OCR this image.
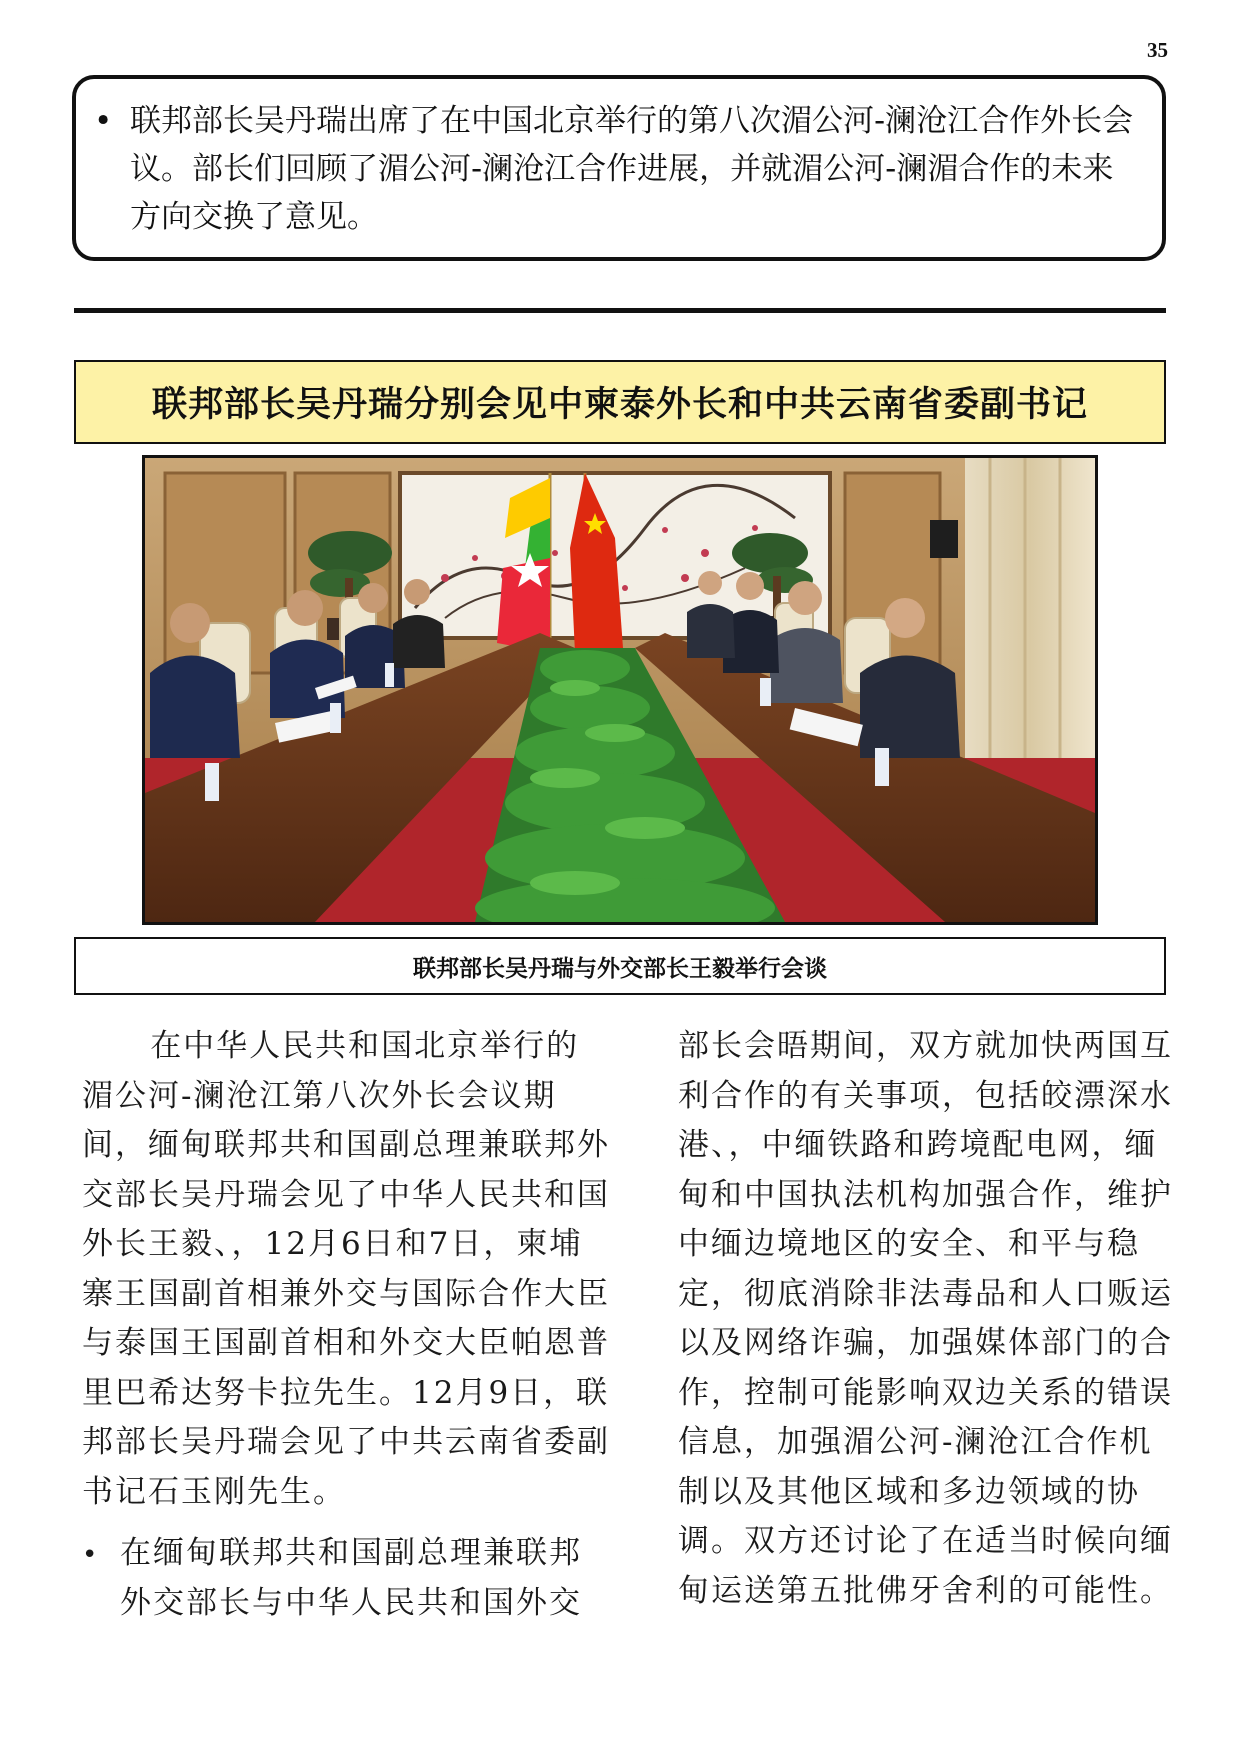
35
• 联邦部长吴丹瑞出席了在中国北京举行的第八次湄公河-澜沧江合作外长会议。部长们回顾了湄公河-澜沧江合作进展，并就湄公河-澜湄合作的未来方向交换了意见。
联邦部长吴丹瑞分别会见中柬泰外长和中共云南省委副书记
联邦部长吴丹瑞与外交部长王毅举行会谈

在中华人民共和国北京举行的湄公河-澜沧江第八次外长会议期间，缅甸联邦共和国副总理兼联邦外交部长吴丹瑞会见了中华人民共和国外长王毅、，12月6日和7日，柬埔寨王国副首相兼外交与国际合作大臣与泰国王国副首相和外交大臣帕恩普里巴希达努卡拉先生。12月9日，联邦部长吴丹瑞会见了中共云南省委副书记石玉刚先生。

• 在缅甸联邦共和国副总理兼联邦外交部长与中华人民共和国外交

部长会晤期间，双方就加快两国互利合作的有关事项，包括皎漂深水港、，中缅铁路和跨境配电网，缅甸和中国执法机构加强合作，维护中缅边境地区的安全、和平与稳定，彻底消除非法毒品和人口贩运以及网络诈骗，加强媒体部门的合作，控制可能影响双边关系的错误信息，加强湄公河-澜沧江合作机制以及其他区域和多边领域的协调。双方还讨论了在适当时候向缅甸运送第五批佛牙舍利的可能性。
